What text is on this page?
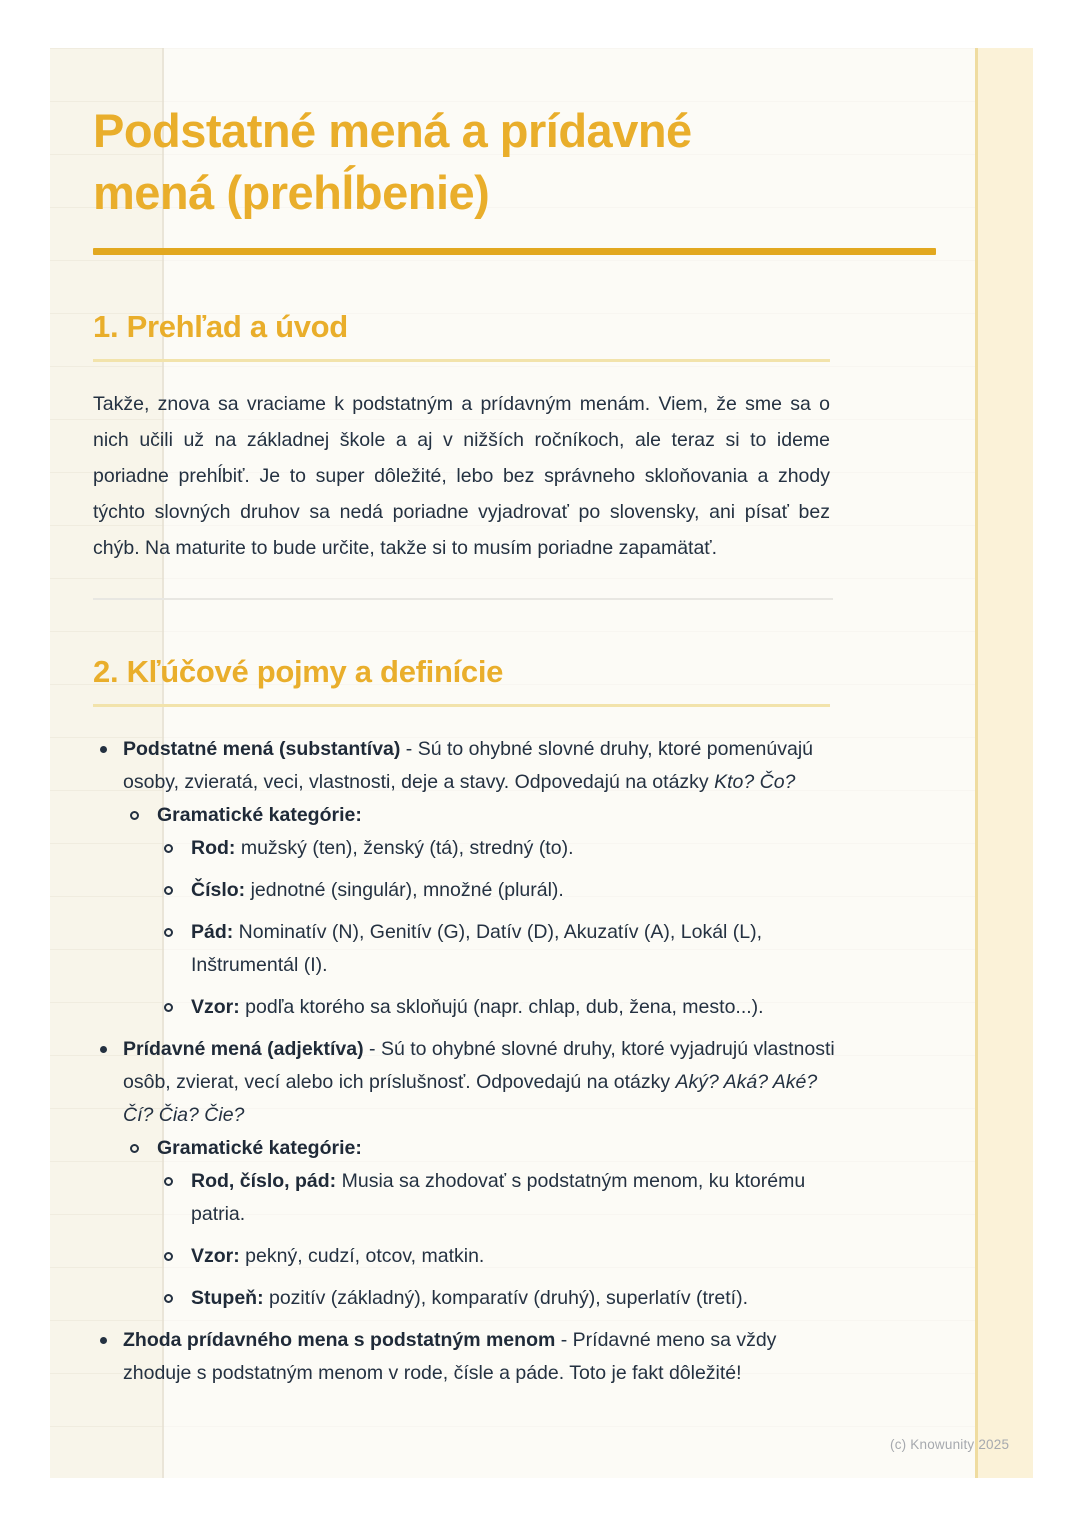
Podstatné mená a prídavné
mená (prehĺbenie)
1. Prehľad a úvod

Takže, znova sa vraciame k podstatným a prídavným menám. Viem, že sme sa o nich učili už na základnej škole a aj v nižších ročníkoch, ale teraz si to ideme poriadne prehĺbiť. Je to super dôležité, lebo bez správneho skloňovania a zhody týchto slovných druhov sa nedá poriadne vyjadrovať po slovensky, ani písať bez chýb. Na maturite to bude určite, takže si to musím poriadne zapamätať.

2. Kľúčové pojmy a definície
Podstatné mená (substantíva) - Sú to ohybné slovné druhy, ktoré pomenúvajú osoby, zvieratá, veci, vlastnosti, deje a stavy. Odpovedajú na otázky Kto? Čo?
Gramatické kategórie:
Rod: mužský (ten), ženský (tá), stredný (to).
Číslo: jednotné (singulár), množné (plurál).
Pád: Nominatív (N), Genitív (G), Datív (D), Akuzatív (A), Lokál (L), Inštrumentál (I).
Vzor: podľa ktorého sa skloňujú (napr. chlap, dub, žena, mesto...).
Prídavné mená (adjektíva) - Sú to ohybné slovné druhy, ktoré vyjadrujú vlastnosti osôb, zvierat, vecí alebo ich príslušnosť. Odpovedajú na otázky Aký? Aká? Aké? Čí? Čia? Čie?
Gramatické kategórie:
Rod, číslo, pád: Musia sa zhodovať s podstatným menom, ku ktorému patria.
Vzor: pekný, cudzí, otcov, matkin.
Stupeň: pozitív (základný), komparatív (druhý), superlatív (tretí).
Zhoda prídavného mena s podstatným menom - Prídavné meno sa vždy zhoduje s podstatným menom v rode, čísle a páde. Toto je fakt dôležité!
(c) Knowunity 2025
